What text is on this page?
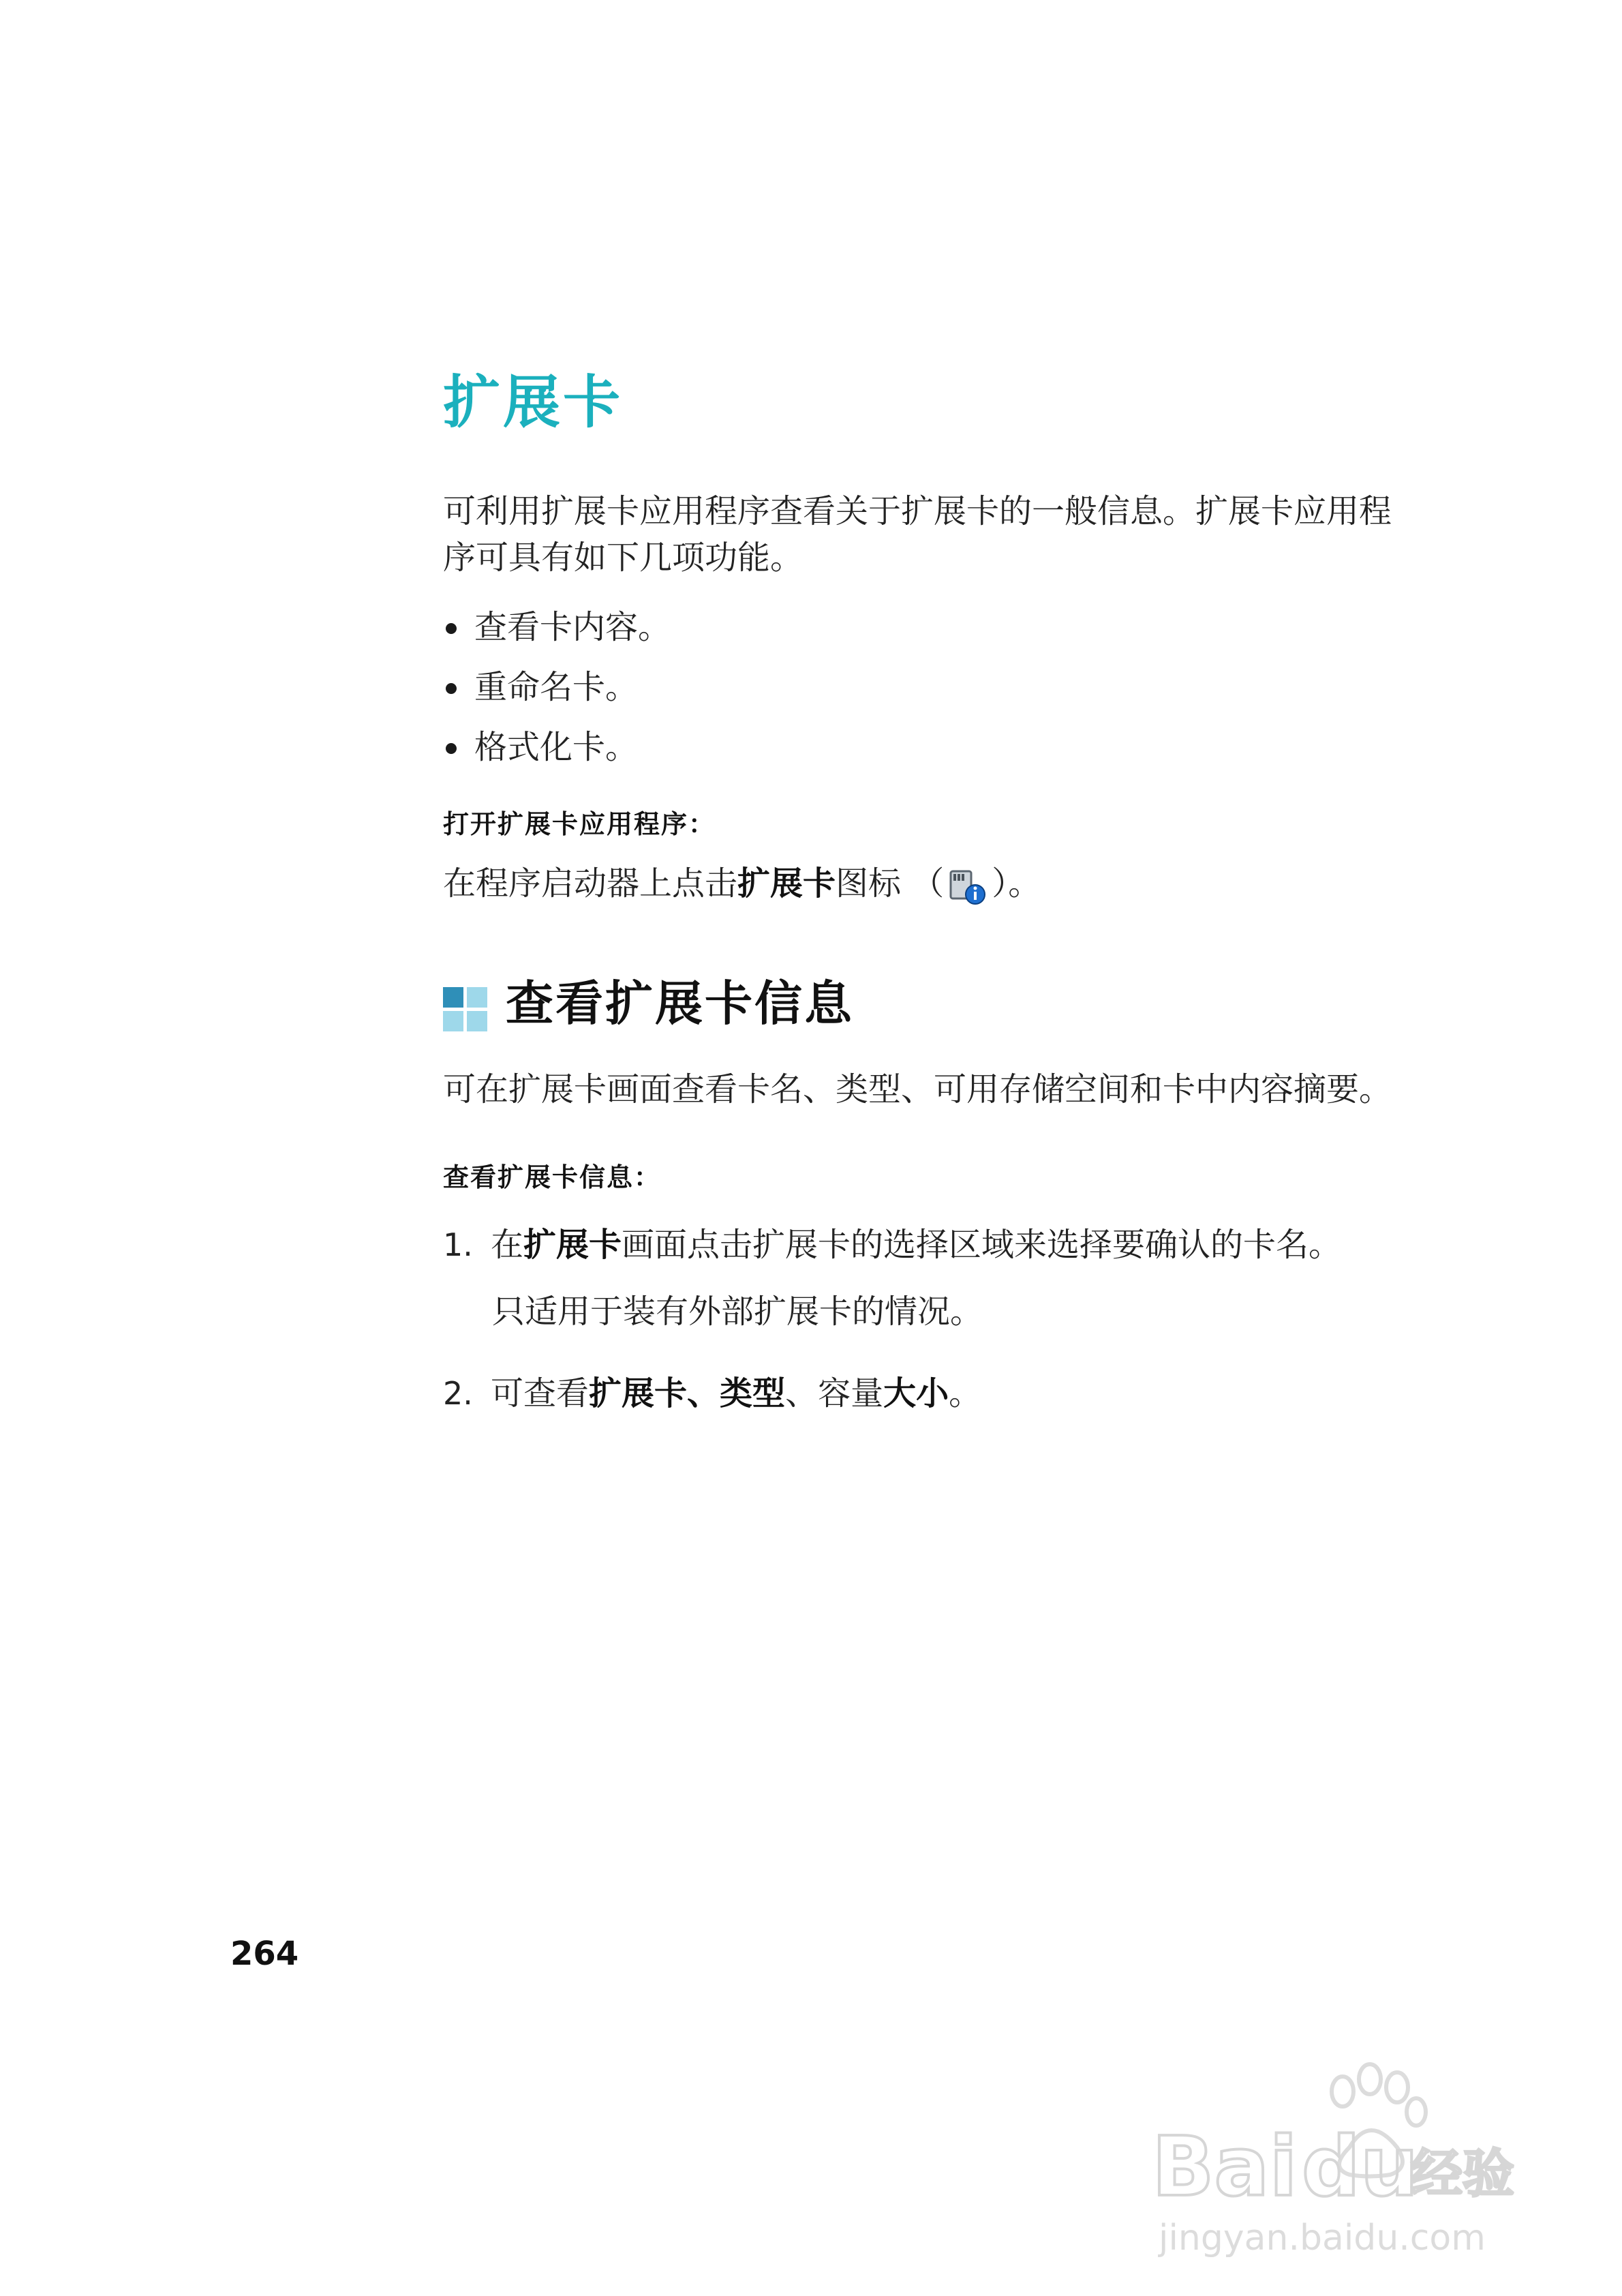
扩展卡
可利用扩展卡应用程序查看关于扩展卡的一般信息。扩展卡应用程序可具有如下几项功能。
查看卡内容。
重命名卡。
格式化卡。
打开扩展卡应用程序：
在程序启动器上点击扩展卡图标 （ ）。
查看扩展卡信息
可在扩展卡画面查看卡名、类型、可用存储空间和卡中内容摘要。
查看扩展卡信息：
1. 在扩展卡画面点击扩展卡的选择区域来选择要确认的卡名。
只适用于装有外部扩展卡的情况。
2. 可查看扩展卡、类型、容量大小。
264
Bai du
经验
jingyan.baidu.com
